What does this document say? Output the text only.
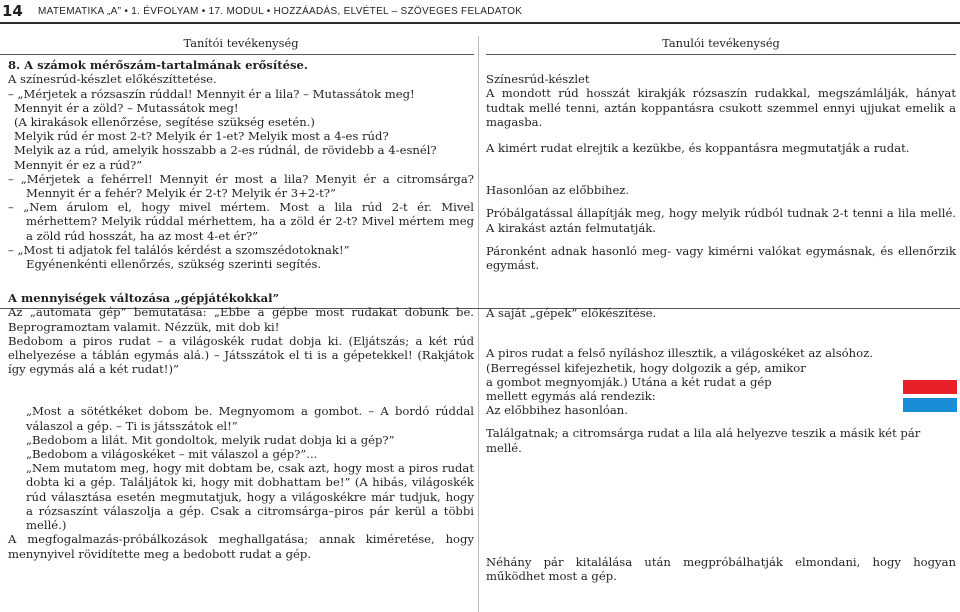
14	MATEMATIKA „A” • 1. ÉVFOLYAM • 17. MODUL • HOZZÁADÁS, ELVÉTEL – SZÖVEGES FELADATOK
Tanítói tevékenység

8. A számok mérőszám-tartalmának erősítése.

A színesrúd-készlet előkészíttetése.

– „Mérjetek a rózsaszín rúddal! Mennyit ér a lila? – Mutassátok meg!

Mennyit ér a zöld? – Mutassátok meg!

(A kirakások ellenőrzése, segítése szükség esetén.)

Melyik rúd ér most 2-t? Melyik ér 1-et? Melyik most a 4-es rúd?

Melyik az a rúd, amelyik hosszabb a 2-es rúdnál, de rövidebb a 4-esnél?

Mennyit ér ez a rúd?”

– „Mérjetek a fehérrel! Mennyit ér most a lila? Menyit ér a citromsárga? Mennyit ér a fehér? Melyik ér 2-t? Melyik ér 3+2-t?”

– „Nem árulom el, hogy mivel mértem. Most a lila rúd 2-t ér. Mivel mérhettem? Melyik rúddal mérhettem, ha a zöld ér 2-t? Mivel mértem meg a zöld rúd hosszát, ha az most 4-et ér?”

– „Most ti adjatok fel találós kérdést a szomszédotoknak!”

Egyénenkénti ellenőrzés, szükség szerinti segítés.

A mennyiségek változása „gépjátékokkal”

Az „automata gép” bemutatása: „Ebbe a gépbe most rudakat dobunk be. Beprogramoztam valamit. Nézzük, mit dob ki!

Bedobom a piros rudat – a világoskék rudat dobja ki. (Eljátszás; a két rúd elhelyezése a táblán egymás alá.) – Játsszátok el ti is a gépetekkel! (Rakjátok így egymás alá a két rudat!)”

„Most a sötétkéket dobom be. Megnyomom a gombot. – A bordó rúddal válaszol a gép. – Ti is játsszátok el!”

„Bedobom a lilát. Mit gondoltok, melyik rudat dobja ki a gép?”

„Bedobom a világoskéket – mit válaszol a gép?”...

„Nem mutatom meg, hogy mit dobtam be, csak azt, hogy most a piros rudat dobta ki a gép. Találjátok ki, hogy mit dobhattam be!” (A hibás, világoskék rúd választása esetén megmutatjuk, hogy a világoskékre már tudjuk, hogy a rózsaszínt válaszolja a gép. Csak a citromsárga–piros pár kerül a többi mellé.)

A megfogalmazás-próbálkozások meghallgatása; annak kiméretése, hogy menynyivel rövidítette meg a bedobott rudat a gép.

Tanulói tevékenység

Színesrúd-készlet

A mondott rúd hosszát kirakják rózsaszín rudakkal, megszámlálják, hányat tudtak mellé tenni, aztán koppantásra csukott szemmel ennyi ujjukat emelik a magasba.

A kimért rudat elrejtik a kezükbe, és koppantásra megmutatják a rudat.

Hasonlóan az előbbihez.

Próbálgatással állapítják meg, hogy melyik rúdból tudnak 2-t tenni a lila mellé. A kirakást aztán felmutatják.

Páronként adnak hasonló meg- vagy kimérni valókat egymásnak, és ellenőrzik egymást.

A saját „gépek” előkészítése.

A piros rudat a felső nyíláshoz illesztik, a világoskéket az alsóhoz.

(Berregéssel kifejezhetik, hogy dolgozik a gép, amikor a gombot megnyomják.) Utána a két rudat a gép mellett egymás alá rendezik:

Az előbbihez hasonlóan.

Találgatnak; a citromsárga rudat a lila alá helyezve teszik a másik két pár mellé.

Néhány pár kitalálása után megpróbálhatják elmondani, hogy hogyan működhet most a gép.
